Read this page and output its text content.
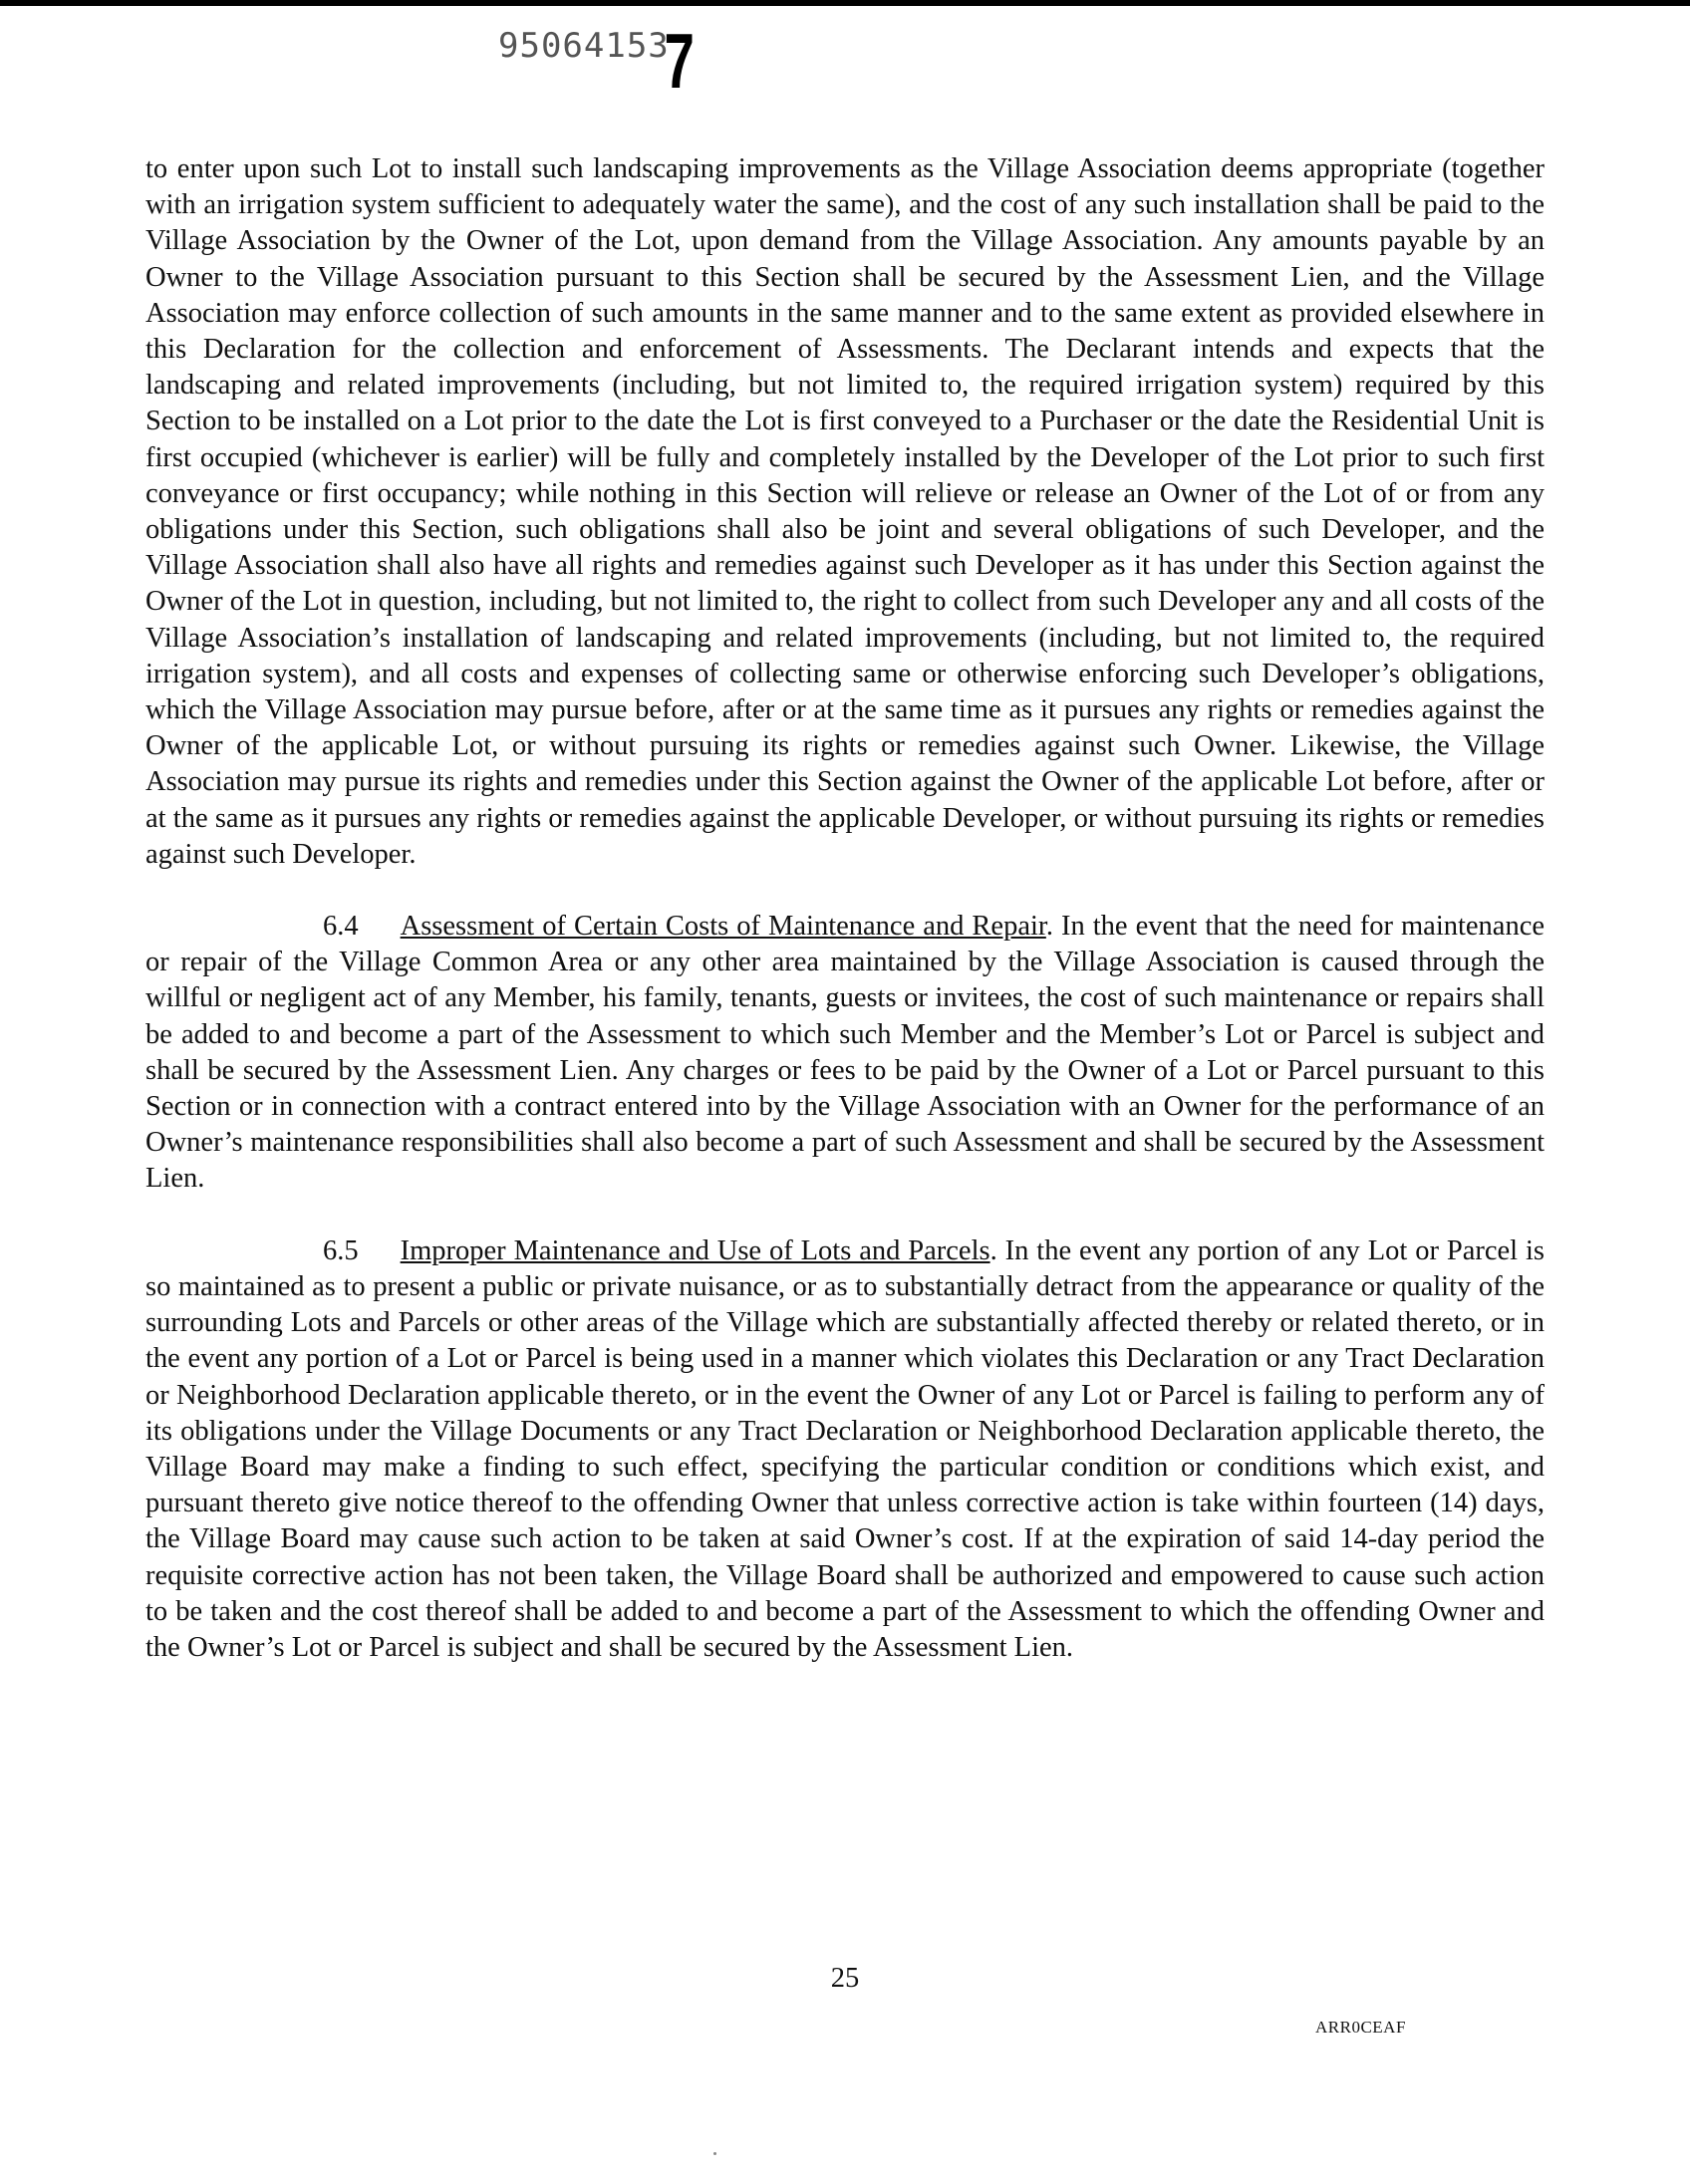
95064153
7

to enter upon such Lot to install such landscaping improvements as the Village Association deems appropriate (together with an irrigation system sufficient to adequately water the same), and the cost of any such installation shall be paid to the Village Association by the Owner of the Lot, upon demand from the Village Association. Any amounts payable by an Owner to the Village Association pursuant to this Section shall be secured by the Assessment Lien, and the Village Association may enforce collection of such amounts in the same manner and to the same extent as provided elsewhere in this Declaration for the collection and enforcement of Assessments. The Declarant intends and expects that the landscaping and related improvements (including, but not limited to, the required irrigation system) required by this Section to be installed on a Lot prior to the date the Lot is first conveyed to a Purchaser or the date the Residential Unit is first occupied (whichever is earlier) will be fully and completely installed by the Developer of the Lot prior to such first conveyance or first occupancy; while nothing in this Section will relieve or release an Owner of the Lot of or from any obligations under this Section, such obligations shall also be joint and several obligations of such Developer, and the Village Association shall also have all rights and remedies against such Developer as it has under this Section against the Owner of the Lot in question, including, but not limited to, the right to collect from such Developer any and all costs of the Village Association’s installation of landscaping and related improvements (including, but not limited to, the required irrigation system), and all costs and expenses of collecting same or otherwise enforcing such Developer’s obligations, which the Village Association may pursue before, after or at the same time as it pursues any rights or remedies against the Owner of the applicable Lot, or without pursuing its rights or remedies against such Owner. Likewise, the Village Association may pursue its rights and remedies under this Section against the Owner of the applicable Lot before, after or at the same as it pursues any rights or remedies against the applicable Developer, or without pursuing its rights or remedies against such Developer.

6.4 Assessment of Certain Costs of Maintenance and Repair. In the event that the need for maintenance or repair of the Village Common Area or any other area maintained by the Village Association is caused through the willful or negligent act of any Member, his family, tenants, guests or invitees, the cost of such maintenance or repairs shall be added to and become a part of the Assessment to which such Member and the Member’s Lot or Parcel is subject and shall be secured by the Assessment Lien. Any charges or fees to be paid by the Owner of a Lot or Parcel pursuant to this Section or in connection with a contract entered into by the Village Association with an Owner for the performance of an Owner’s maintenance responsibilities shall also become a part of such Assessment and shall be secured by the Assessment Lien.

6.5 Improper Maintenance and Use of Lots and Parcels. In the event any portion of any Lot or Parcel is so maintained as to present a public or private nuisance, or as to substantially detract from the appearance or quality of the surrounding Lots and Parcels or other areas of the Village which are substantially affected thereby or related thereto, or in the event any portion of a Lot or Parcel is being used in a manner which violates this Declaration or any Tract Declaration or Neighborhood Declaration applicable thereto, or in the event the Owner of any Lot or Parcel is failing to perform any of its obligations under the Village Documents or any Tract Declaration or Neighborhood Declaration applicable thereto, the Village Board may make a finding to such effect, specifying the particular condition or conditions which exist, and pursuant thereto give notice thereof to the offending Owner that unless corrective action is take within fourteen (14) days, the Village Board may cause such action to be taken at said Owner’s cost. If at the expiration of said 14-day period the requisite corrective action has not been taken, the Village Board shall be authorized and empowered to cause such action to be taken and the cost thereof shall be added to and become a part of the Assessment to which the offending Owner and the Owner’s Lot or Parcel is subject and shall be secured by the Assessment Lien.

25
ARR0CEAF
